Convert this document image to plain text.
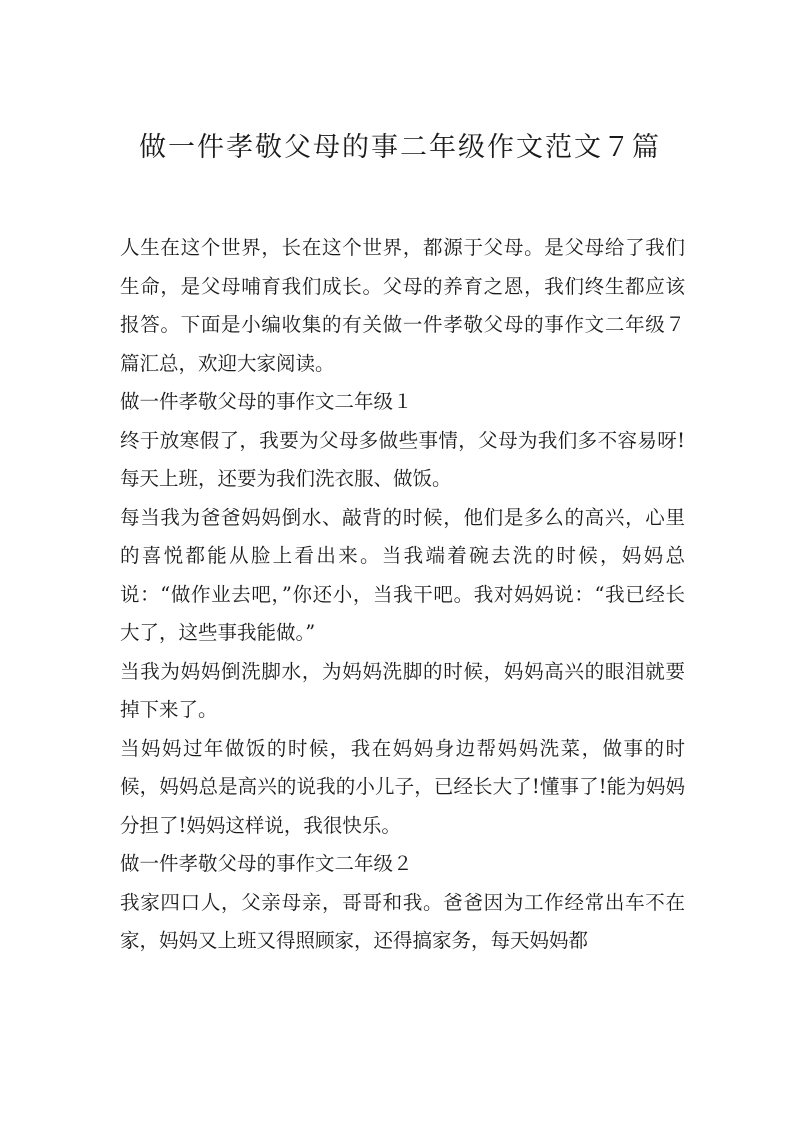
做一件孝敬父母的事二年级作文范文７篇

人生在这个世界，长在这个世界，都源于父母。是父母给了我们生命，是父母哺育我们成长。父母的养育之恩，我们终生都应该报答。下面是小编收集的有关做一件孝敬父母的事作文二年级７篇汇总，欢迎大家阅读。

做一件孝敬父母的事作文二年级１

终于放寒假了，我要为父母多做些事情，父母为我们多不容易呀!每天上班，还要为我们洗衣服、做饭。

每当我为爸爸妈妈倒水、敲背的时候，他们是多么的高兴，心里的喜悦都能从脸上看出来。当我端着碗去洗的时候，妈妈总说：“做作业去吧，”你还小，当我干吧。我对妈妈说：“我已经长大了，这些事我能做。”

当我为妈妈倒洗脚水，为妈妈洗脚的时候，妈妈高兴的眼泪就要掉下来了。

当妈妈过年做饭的时候，我在妈妈身边帮妈妈洗菜，做事的时候，妈妈总是高兴的说我的小儿子，已经长大了!懂事了!能为妈妈分担了!妈妈这样说，我很快乐。

做一件孝敬父母的事作文二年级２

我家四口人，父亲母亲，哥哥和我。爸爸因为工作经常出车不在家，妈妈又上班又得照顾家，还得搞家务，每天妈妈都
